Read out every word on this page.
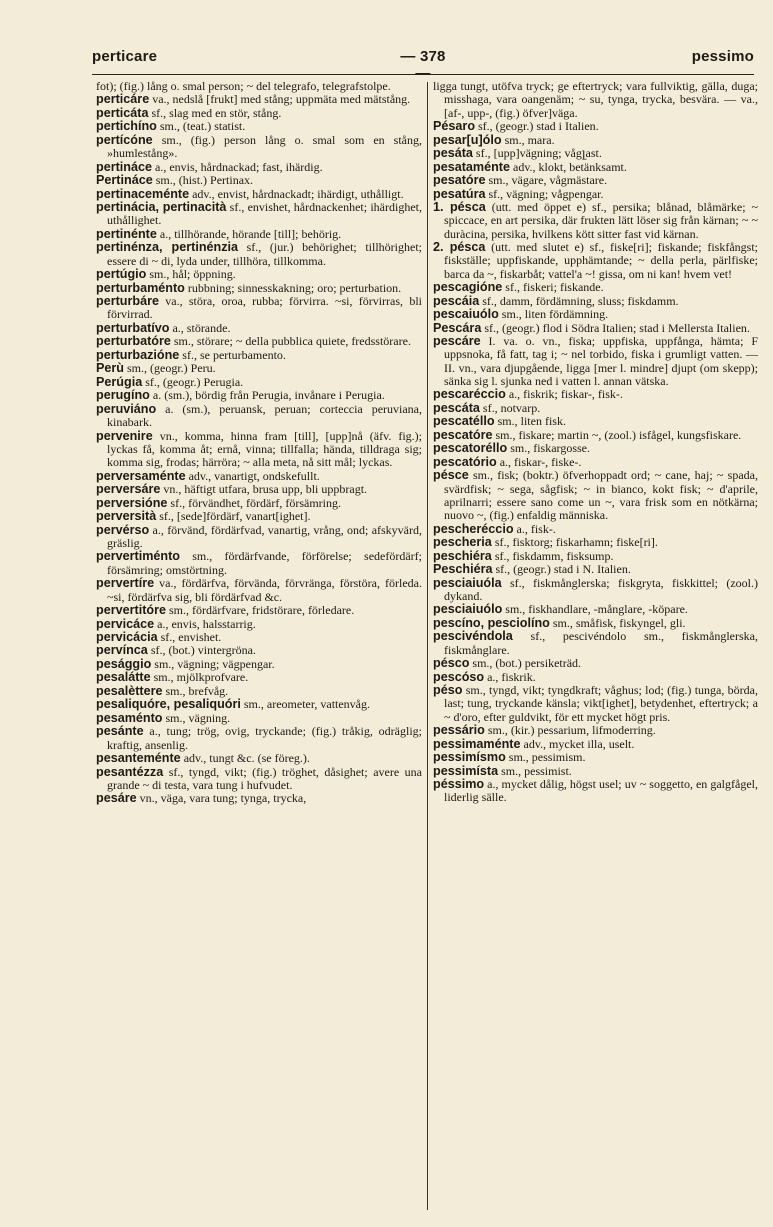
perticare	— 378 —
pessimo
fot); (fig.) lång o. smal person; ~ del telegrafo, telegrafstolpe.
perticáre va., nedslå [frukt] med stång; uppmäta med mätstång.
perticáta sf., slag med en stör, stång.
pertichíno sm., (teat.) statist.
pertícóne sm., (fig.) person lång o. smal som en stång, »humlestång».
pertináce a., envis, hårdnackad; fast, ihärdig.
Pertináce sm., (hist.) Pertinax.
pertinaceménte adv., envist, hårdnackadt; ihärdigt, uthålligt.
pertinácia, pertinacità sf., envishet, hårdnackenhet; ihärdighet, uthållighet.
pertinénte a., tillhörande, hörande [till]; behörig.
pertinénza, pertinénzia sf., (jur.) behörighet; tillhörighet; essere di ~ di, lyda under, tillhöra, tillkomma.
pertúgio sm., hål; öppning.
perturbaménto rubbning; sinnesskakning; oro; perturbation.
perturbáre va., störa, oroa, rubba; förvirra. ~si, förvirras, bli förvirrad.
perturbatívo a., störande.
perturbatóre sm., störare; ~ della pubblica quiete, fredsstörare.
perturbazióne sf., se perturbamento.
Perù sm., (geogr.) Peru.
Perúgia sf., (geogr.) Perugia.
perugíno a. (sm.), bördig från Perugia, invånare i Perugia.
peruviáno a. (sm.), peruansk, peruan; corteccia peruviana, kinabark.
pervenire vn., komma, hinna fram [till], [upp]nå (äfv. fig.); lyckas få, komma åt; ernå, vinna; tillfalla; hända, tilldraga sig; komma sig, frodas; härröra; ~ alla meta, nå sitt mål; lyckas.
perversaménte adv., vanartigt, ondskefullt.
perversáre vn., häftigt utfara, brusa upp, bli uppbragt.
perversióne sf., förvändhet, fördärf, försämring.
perversità sf., [sede]fördärf, vanart[ighet].
pervérso a., förvänd, fördärfvad, vanartig, vrång, ond; afskyvärd, gräslig.
pervertiménto sm., fördärfvande, förförelse; sedefördärf; försämring; omstörtning.
pervertíre va., fördärfva, förvända, förvränga, förstöra, förleda. ~si, fördärfva sig, bli fördärfvad &c.
pervertitóre sm., fördärfvare, fridstörare, förledare.
pervicáce a., envis, halsstarrig.
pervicácia sf., envishet.
pervínca sf., (bot.) vintergröna.
pesággio sm., vägning; vägpengar.
pesalátte sm., mjölkprofvare.
pesalèttere sm., brefvåg.
pesaliquóre, pesaliquóri sm., areometer, vattenvåg.
pesaménto sm., vägning.
pesánte a., tung; trög, ovig, tryckande; (fig.) tråkig, odräglig; kraftig, ansenlig.
pesanteménte adv., tungt &c. (se föreg.).
pesantézza sf., tyngd, vikt; (fig.) tröghet, dåsighet; avere una grande ~ di testa, vara tung i hufvudet.
pesáre vn., väga, vara tung; tynga, trycka,
ligga tungt, utöfva tryck; ge eftertryck; vara fullviktig, gälla, duga; misshaga, vara oangenäm; ~ su, tynga, trycka, besvära. — va., [af-, upp-, (fig.) öfver]väga.
Pésaro sf., (geogr.) stad i Italien.
pesar[u]ólo sm., mara.
pesáta sf., [upp]vägning; vågլast.
pesataménte adv., klokt, betänksamt.
pesatóre sm., vägare, vågmästare.
pesatúra sf., vägning; vågpengar.
1. pésca (utt. med öppet e) sf., persika; blånad, blåmärke; ~ spiccace, en art persika, där frukten lätt löser sig från kärnan; ~ ~ duràcina, persika, hvilkens kött sitter fast vid kärnan.
2. pésca (utt. med slutet e) sf., fiske[ri]; fiskande; fiskfångst; fiskställe; uppfiskande, upphämtande; ~ della perla, pärlfiske; barca da ~, fiskarbåt; vattel'a ~! gissa, om ni kan! hvem vet!
pescagióne sf., fiskeri; fiskande.
pescáia sf., damm, fördämning, sluss; fiskdamm.
pescaiuólo sm., liten fördämning.
Pescára sf., (geogr.) flod i Södra Italien; stad i Mellersta Italien.
pescáre I. va. o. vn., fiska; uppfiska, uppfånga, hämta; F uppsnoka, få fatt, tag i; ~ nel torbido, fiska i grumligt vatten. — II. vn., vara djupgående, ligga [mer l. mindre] djupt (om skepp); sänka sig l. sjunka ned i vatten l. annan vätska.
pescaréccio a., fiskrik; fiskar-, fisk-.
pescáta sf., notvarp.
pescatéllo sm., liten fisk.
pescatóre sm., fiskare; martin ~, (zool.) isfågel, kungsfiskare.
pescatoréllo sm., fiskargosse.
pescatório a., fiskar-, fiske-.
pésce sm., fisk; (boktr.) öfverhoppadt ord; ~ cane, haj; ~ spada, svärdfisk; ~ sega, sågfisk; ~ in bianco, kokt fisk; ~ d'aprile, aprilnarri; essere sano come un ~, vara frisk som en nötkärna; nuovo ~, (fig.) enfaldig människa.
pescheréccio a., fisk-.
pescheria sf., fisktorg; fiskarhamn; fiske[ri].
peschiéra sf., fiskdamm, fisksump.
Peschiéra sf., (geogr.) stad i N. Italien.
pesciaiuóla sf., fiskmånglerska; fiskgryta, fiskkittel; (zool.) dykand.
pesciaiuólo sm., fiskhandlare, -månglare, -köpare.
pescíno, pesciolíno sm., småfisk, fiskyngel, gli.
pescivéndola sf., pescivéndolo sm., fiskmånglerska, fiskmånglare.
pésco sm., (bot.) persiketräd.
pescóso a., fiskrik.
péso sm., tyngd, vikt; tyngdkraft; våghus; lod; (fig.) tunga, börda, last; tung, tryckande känsla; vikt[ighet], betydenhet, eftertryck; a ~ d'oro, efter guldvikt, för ett mycket högt pris.
pessário sm., (kir.) pessarium, lifmoderring.
pessimaménte adv., mycket illa, uselt.
pessimísmo sm., pessimism.
pessimísta sm., pessimist.
péssimo a., mycket dålig, högst usel; uv ~ soggetto, en galgfågel, liderlig sälle.
